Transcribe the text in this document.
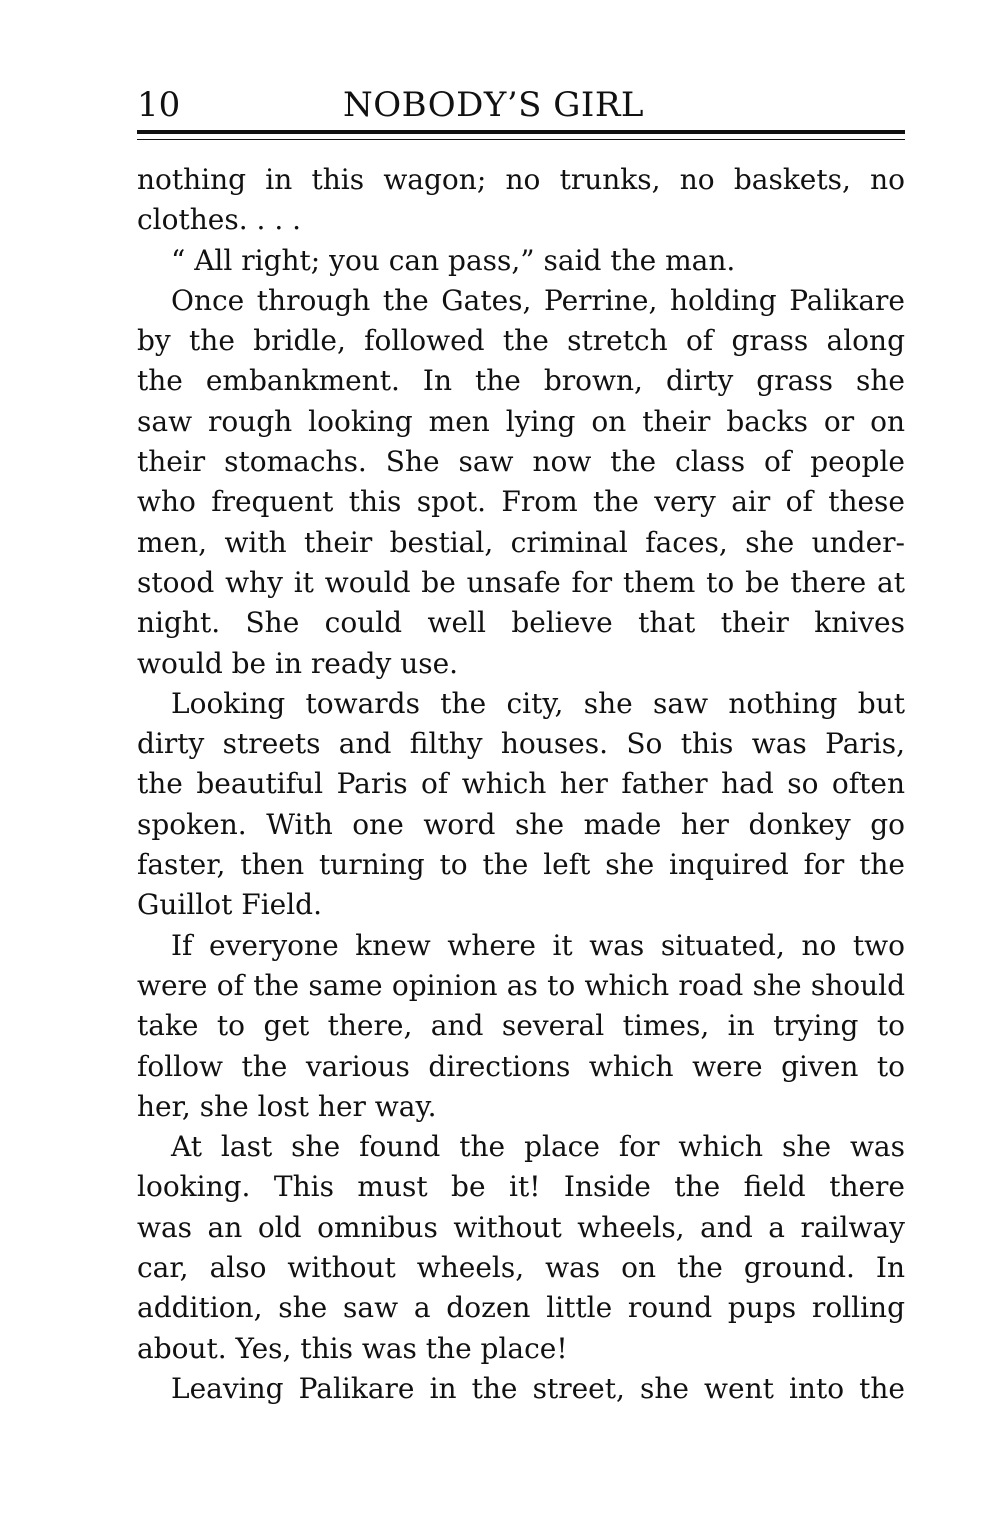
10	NOBODY’S GIRL
nothing in this wagon; no trunks, no baskets, no
clothes. . . .
“ All right; you can pass,” said the man.
Once through the Gates, Perrine, holding Palikare
by the bridle, followed the stretch of grass along
the embankment. In the brown, dirty grass she
saw rough looking men lying on their backs or on
their stomachs. She saw now the class of people
who frequent this spot. From the very air of these
men, with their bestial, criminal faces, she under-
stood why it would be unsafe for them to be there at
night. She could well believe that their knives
would be in ready use.
Looking towards the city, she saw nothing but
dirty streets and filthy houses. So this was Paris,
the beautiful Paris of which her father had so often
spoken. With one word she made her donkey go
faster, then turning to the left she inquired for the
Guillot Field.
If everyone knew where it was situated, no two
were of the same opinion as to which road she should
take to get there, and several times, in trying to
follow the various directions which were given to
her, she lost her way.
At last she found the place for which she was
looking. This must be it! Inside the field there
was an old omnibus without wheels, and a railway
car, also without wheels, was on the ground. In
addition, she saw a dozen little round pups rolling
about. Yes, this was the place!
Leaving Palikare in the street, she went into the
